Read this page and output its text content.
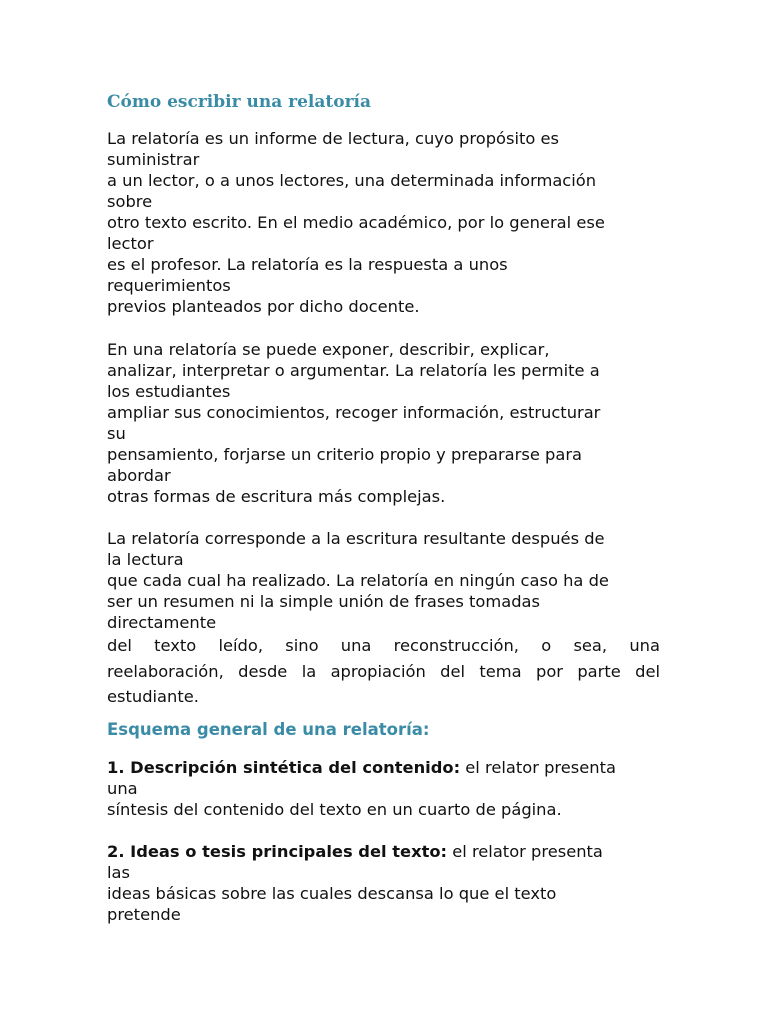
Cómo escribir una relatoría
La relatoría es un informe de lectura, cuyo propósito es
suministrar
a un lector, o a unos lectores, una determinada información
sobre
otro texto escrito. En el medio académico, por lo general ese
lector
es el profesor. La relatoría es la respuesta a unos
requerimientos
previos planteados por dicho docente.
En una relatoría se puede exponer, describir, explicar,
analizar, interpretar o argumentar. La relatoría les permite a
los estudiantes
ampliar sus conocimientos, recoger información, estructurar
su
pensamiento, forjarse un criterio propio y prepararse para
abordar
otras formas de escritura más complejas.
La relatoría corresponde a la escritura resultante después de
la lectura
que cada cual ha realizado. La relatoría en ningún caso ha de
ser un resumen ni la simple unión de frases tomadas
directamente
del texto leído, sino una reconstrucción, o sea, una
reelaboración, desde la apropiación del tema por parte del
estudiante.
Esquema general de una relatoría:
1. Descripción sintética del contenido: el relator presenta
una
síntesis del contenido del texto en un cuarto de página.
2. Ideas o tesis principales del texto: el relator presenta
las
ideas básicas sobre las cuales descansa lo que el texto
pretende
